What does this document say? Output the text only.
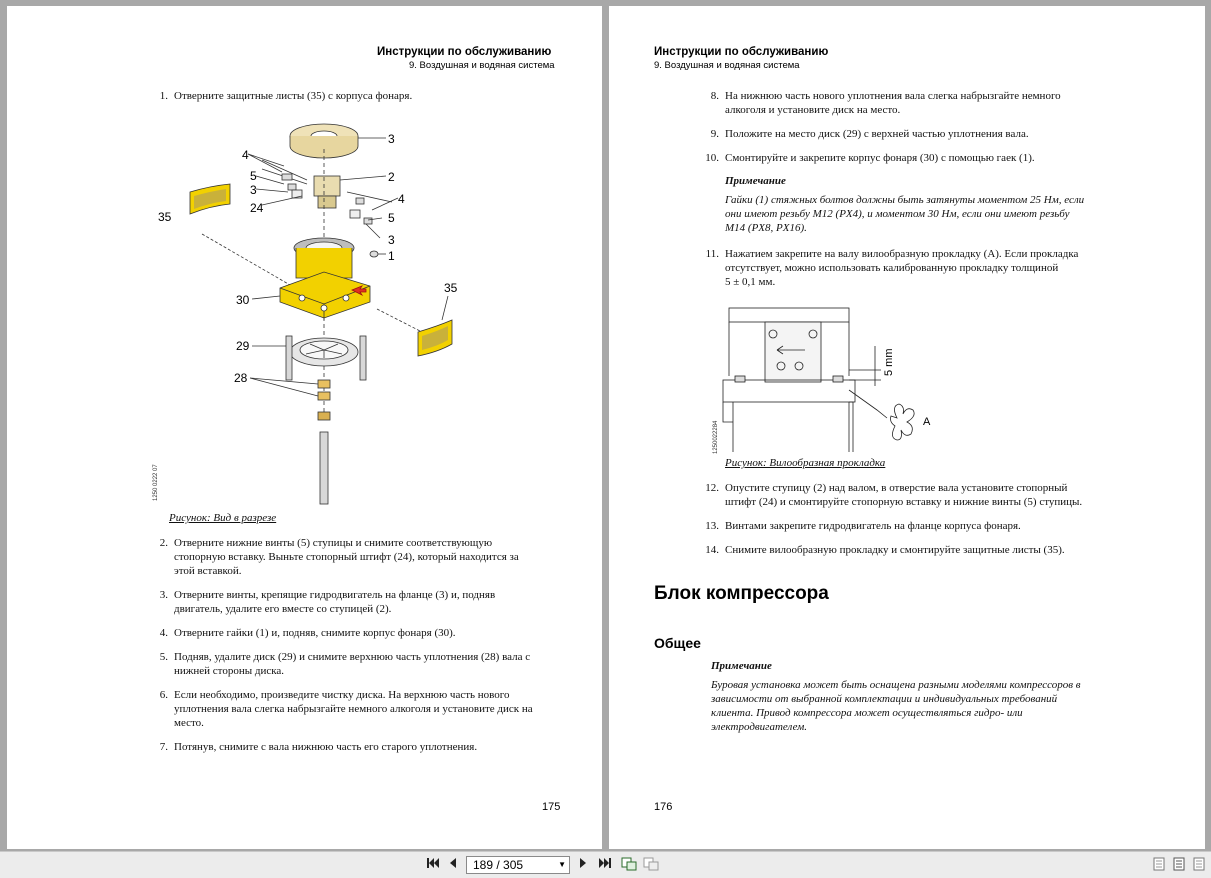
Инструкции по обслуживанию
9. Воздушная и водяная система
1. Отверните защитные листы (35) с корпуса фонаря.
3
4
5
3
2
4
24
35	5
3
1
30
35
29
28
1250 0222 07
Рисунок: Вид в разрезе
2. Отверните нижние винты (5) ступицы и снимите соответствующую
стопорную вставку. Выньте стопорный штифт (24), который находится за
этой вставкой.
3. Отверните винты, крепящие гидродвигатель на фланце (3) и, подняв
двигатель, удалите его вместе со ступицей (2).
4. Отверните гайки (1) и, подняв, снимите корпус фонаря (30).
5. Подняв, удалите диск (29) и снимите верхнюю часть уплотнения (28) вала с
нижней стороны диска.
6. Если необходимо, произведите чистку диска. На верхнюю часть нового
уплотнения вала слегка набрызгайте немного алкоголя и установите диск на
место.
7. Потянув, снимите с вала нижнюю часть его старого уплотнения.
175
Инструкции по обслуживанию
9. Воздушная и водяная система
8. На нижнюю часть нового уплотнения вала слегка набрызгайте немного
алкоголя и установите диск на место.
9. Положите на место диск (29) с верхней частью уплотнения вала.
10. Смонтируйте и закрепите корпус фонаря (30) с помощью гаек (1).
Примечание
Гайки (1) стяжных болтов должны быть затянуты моментом 25 Нм, если
они имеют резьбу M12 (PX4), и моментом 30 Нм, если они имеют резьбу
M14 (PX8, PX16).
11. Нажатием закрепите на валу вилообразную прокладку (А). Если прокладка
отсутствует, можно использовать калиброванную прокладку толщиной
5 ± 0,1 мм.
5 mm
A
1250022284
Рисунок: Вилообразная прокладка
12. Опустите ступицу (2) над валом, в отверстие вала установите стопорный
штифт (24) и смонтируйте стопорную вставку и нижние винты (5) ступицы.
13. Винтами закрепите гидродвигатель на фланце корпуса фонаря.
14. Снимите вилообразную прокладку и смонтируйте защитные листы (35).
Блок компрессора
Общее
Примечание
Буровая установка может быть оснащена разными моделями компрессоров в
зависимости от выбранной комплектации и индивидуальных требований
клиента. Привод компрессора может осуществляться гидро- или
электродвигателем.
176
189 / 305	▼
